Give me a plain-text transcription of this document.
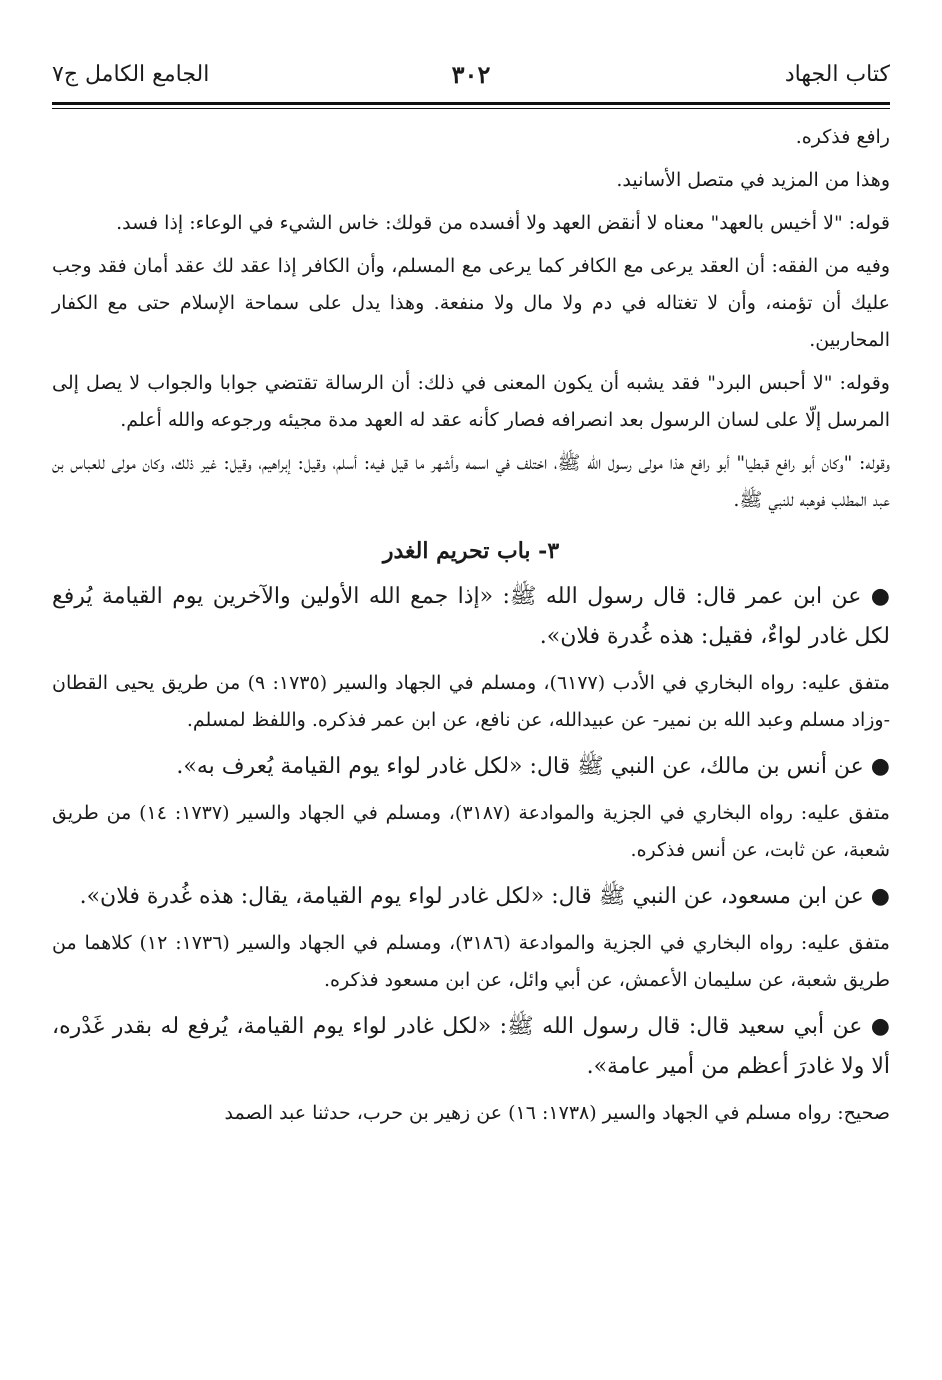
كتاب الجهاد
٣٠٢
الجامع الكامل ج٧

رافع فذكره.

وهذا من المزيد في متصل الأسانيد.

قوله: "لا أخيس بالعهد" معناه لا أنقض العهد ولا أفسده من قولك: خاس الشيء في الوعاء: إذا فسد.

وفيه من الفقه: أن العقد يرعى مع الكافر كما يرعى مع المسلم، وأن الكافر إذا عقد لك عقد أمان فقد وجب عليك أن تؤمنه، وأن لا تغتاله في دم ولا مال ولا منفعة. وهذا يدل على سماحة الإسلام حتى مع الكفار المحاربين.

وقوله: "لا أحبس البرد" فقد يشبه أن يكون المعنى في ذلك: أن الرسالة تقتضي جوابا والجواب لا يصل إلى المرسل إلّا على لسان الرسول بعد انصرافه فصار كأنه عقد له العهد مدة مجيئه ورجوعه والله أعلم.

وقوله: "وكان أبو رافع قبطيا" أبو رافع هذا مولى رسول الله ﷺ، اختلف في اسمه وأشهر ما قيل فيه: أسلم، وقيل: إبراهيم، وقيل: غير ذلك، وكان مولى للعباس بن عبد المطلب فوهبه للنبي ﷺ.

٣- باب تحريم الغدر

● عن ابن عمر قال: قال رسول الله ﷺ: «إذا جمع الله الأولين والآخرين يوم القيامة يُرفع لكل غادر لواءٌ، فقيل: هذه غُدرة فلان».

متفق عليه: رواه البخاري في الأدب (٦١٧٧)، ومسلم في الجهاد والسير (١٧٣٥: ٩) من طريق يحيى القطان -وزاد مسلم وعبد الله بن نمير- عن عبيدالله، عن نافع، عن ابن عمر فذكره. واللفظ لمسلم.

● عن أنس بن مالك، عن النبي ﷺ قال: «لكل غادر لواء يوم القيامة يُعرف به».

متفق عليه: رواه البخاري في الجزية والموادعة (٣١٨٧)، ومسلم في الجهاد والسير (١٧٣٧: ١٤) من طريق شعبة، عن ثابت، عن أنس فذكره.

● عن ابن مسعود، عن النبي ﷺ قال: «لكل غادر لواء يوم القيامة، يقال: هذه غُدرة فلان».

متفق عليه: رواه البخاري في الجزية والموادعة (٣١٨٦)، ومسلم في الجهاد والسير (١٧٣٦: ١٢) كلاهما من طريق شعبة، عن سليمان الأعمش، عن أبي وائل، عن ابن مسعود فذكره.

● عن أبي سعيد قال: قال رسول الله ﷺ: «لكل غادر لواء يوم القيامة، يُرفع له بقدر غَدْره، ألا ولا غادرَ أعظم من أمير عامة».

صحيح: رواه مسلم في الجهاد والسير (١٧٣٨: ١٦) عن زهير بن حرب، حدثنا عبد الصمد
